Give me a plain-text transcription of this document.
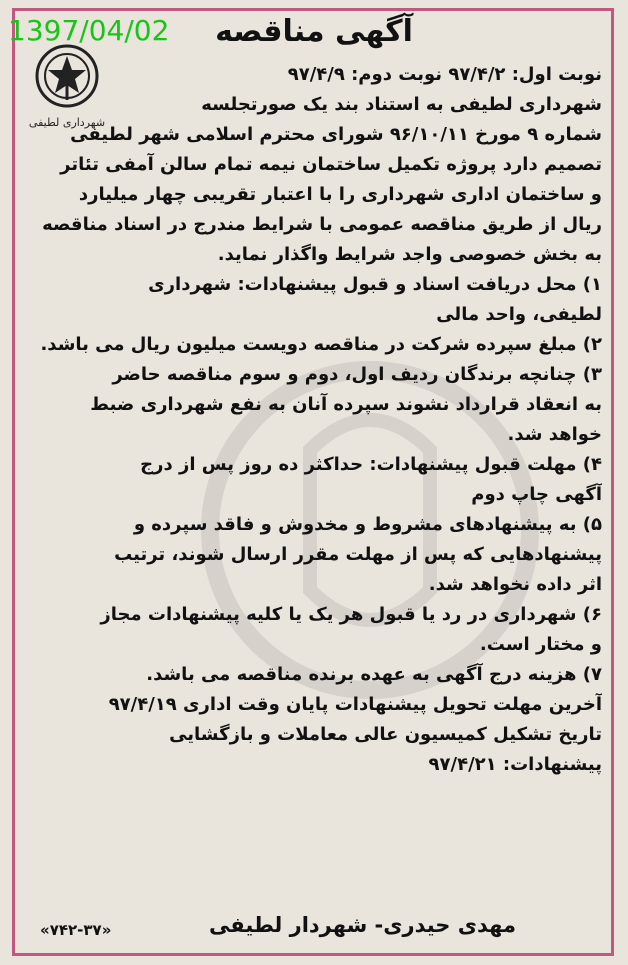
1397/04/02	آگهی مناقصه
شهرداری لطیفی
نوبت اول: ۹۷/۴/۲ نوبت دوم: ۹۷/۴/۹
شهرداری لطیفی به استناد بند یک صورتجلسه
شماره ۹ مورخ ۹۶/۱۰/۱۱ شورای محترم اسلامی شهر لطیفی
تصمیم دارد پروژه تکمیل ساختمان نیمه تمام سالن آمفی تئاتر
و ساختمان اداری شهرداری را با اعتبار تقریبی چهار میلیارد
ریال از طریق مناقصه عمومی با شرایط مندرج در اسناد مناقصه
به بخش خصوصی واجد شرایط واگذار نماید.
۱) محل دریافت اسناد و قبول پیشنهادات: شهرداری
لطیفی، واحد مالی
۲) مبلغ سپرده شرکت در مناقصه دویست میلیون ریال می باشد.
۳) چنانچه برندگان ردیف اول، دوم و سوم مناقصه حاضر
به انعقاد قرارداد نشوند سپرده آنان به نفع شهرداری ضبط
خواهد شد.
۴) مهلت قبول پیشنهادات: حداکثر ده روز پس از درج
آگهی چاپ دوم
۵) به پیشنهادهای مشروط و مخدوش و فاقد سپرده و
پیشنهادهایی که پس از مهلت مقرر ارسال شوند، ترتیب
اثر داده نخواهد شد.
۶) شهرداری در رد یا قبول هر یک یا کلیه پیشنهادات مجاز
و مختار است.
۷) هزینه درج آگهی به عهده برنده مناقصه می باشد.
آخرین مهلت تحویل پیشنهادات پایان وقت اداری ۹۷/۴/۱۹
تاریخ تشکیل کمیسیون عالی معاملات و بازگشایی
پیشنهادات: ۹۷/۴/۲۱
مهدی حیدری- شهردار لطیفی
«۷۴۲-۳۷»
